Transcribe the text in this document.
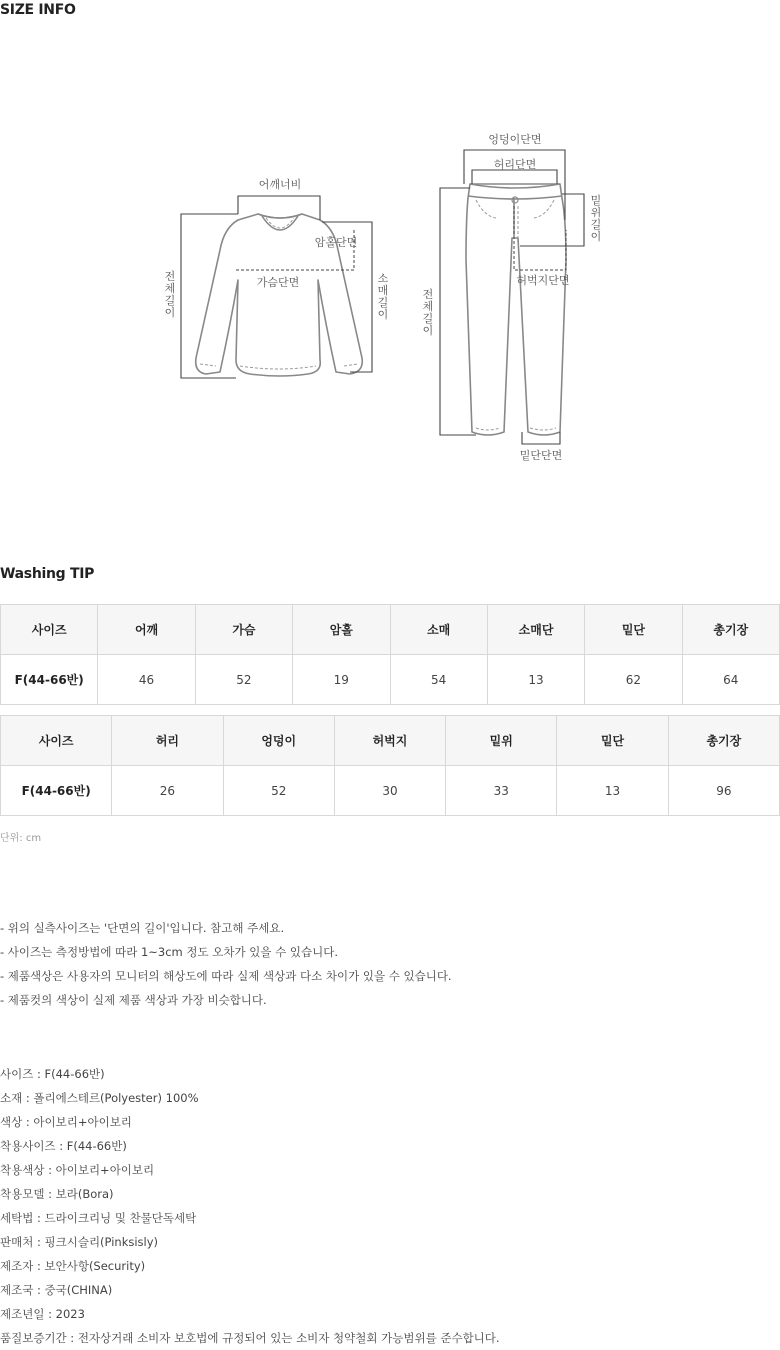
SIZE INFO
어깨너비
암홀단면
가슴단면
전
체
길
이
소
매
길
이
엉덩이단면
허리단면
허벅지단면
밑단단면
전
체
길
이
밑
위
길
이
Washing TIP
사이즈	어깨	가슴	암홀	소매	소매단	밑단	총기장
F(44-66반)	46	52	19	54	13	62	64
사이즈	허리	엉덩이	허벅지	밑위	밑단	총기장
F(44-66반)	26	52	30	33	13	96
단위: cm
- 위의 실측사이즈는 '단면의 길이'입니다. 참고해 주세요.
- 사이즈는 측정방법에 따라 1~3cm 정도 오차가 있을 수 있습니다.
- 제품색상은 사용자의 모니터의 해상도에 따라 실제 색상과 다소 차이가 있을 수 있습니다.
- 제품컷의 색상이 실제 제품 색상과 가장 비슷합니다.
사이즈 : F(44-66반)
소재 : 폴리에스테르(Polyester) 100%
색상 : 아이보리+아이보리
착용사이즈 : F(44-66반)
착용색상 : 아이보리+아이보리
착용모델 : 보라(Bora)
세탁법 : 드라이크리닝 및 찬물단독세탁
판매처 : 핑크시슬리(Pinksisly)
제조자 : 보안사항(Security)
제조국 : 중국(CHINA)
제조년일 : 2023
품질보증기간 : 전자상거래 소비자 보호법에 규정되어 있는 소비자 청약철회 가능범위를 준수합니다.
